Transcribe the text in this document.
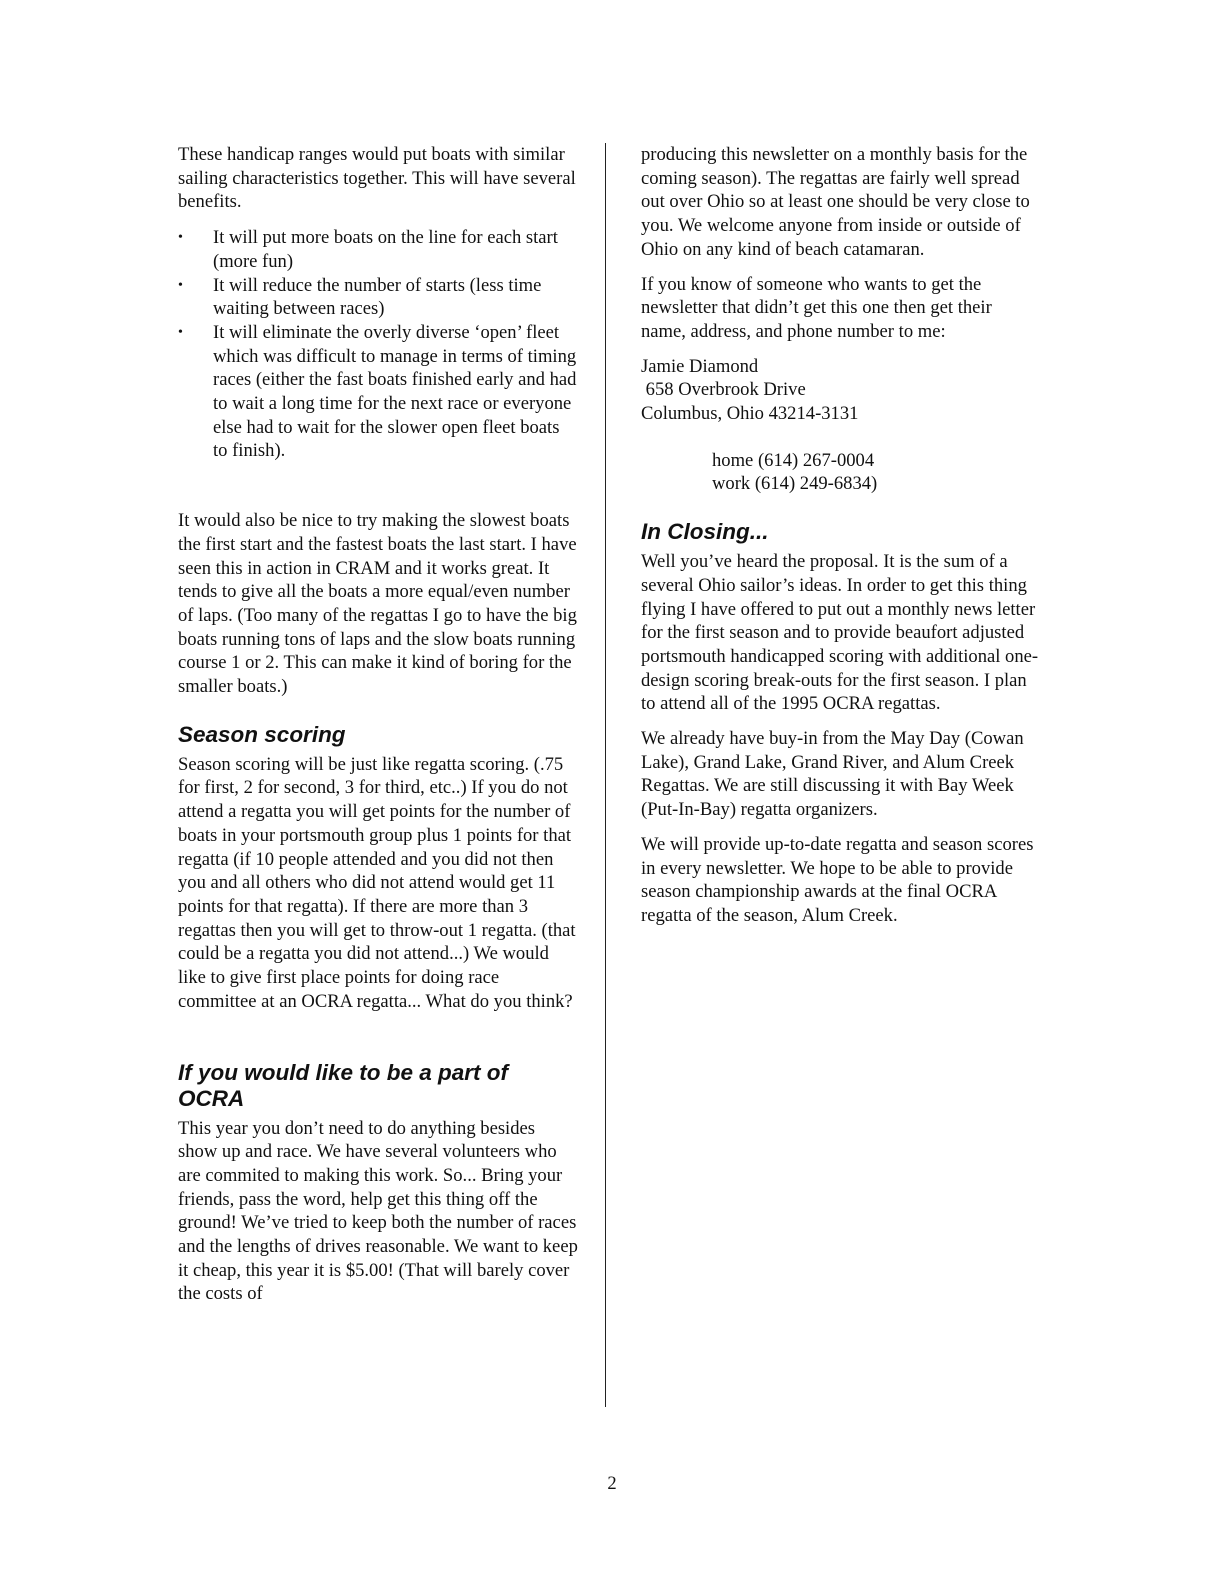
These handicap ranges would put boats with similar sailing characteristics together. This will have several benefits.

•	It will put more boats on the line for each start (more fun)
•	It will reduce the number of starts (less time waiting between races)
•	It will eliminate the overly diverse ‘open’ fleet which was difficult to manage in terms of timing races (either the fast boats finished early and had to wait a long time for the next race or everyone else had to wait for the slower open fleet boats to finish).

It would also be nice to try making the slowest boats the first start and the fastest boats the last start. I have seen this in action in CRAM and it works great. It tends to give all the boats a more equal/even number of laps. (Too many of the regattas I go to have the big boats running tons of laps and the slow boats running course 1 or 2. This can make it kind of boring for the smaller boats.)

Season scoring

Season scoring will be just like regatta scoring. (.75 for first, 2 for second, 3 for third, etc..) If you do not attend a regatta you will get points for the number of boats in your portsmouth group plus 1 points for that regatta (if 10 people attended and you did not then you and all others who did not attend would get 11 points for that regatta). If there are more than 3 regattas then you will get to throw-out 1 regatta. (that could be a regatta you did not attend...) We would like to give first place points for doing race committee at an OCRA regatta... What do you think?

If you would like to be a part of OCRA

This year you don’t need to do anything besides show up and race. We have several volunteers who are commited to making this work. So... Bring your friends, pass the word, help get this thing off the ground! We’ve tried to keep both the number of races and the lengths of drives reasonable. We want to keep it cheap, this year it is $5.00! (That will barely cover the costs of

producing this newsletter on a monthly basis for the coming season). The regattas are fairly well spread out over Ohio so at least one should be very close to you. We welcome anyone from inside or outside of Ohio on any kind of beach catamaran.

If you know of someone who wants to get the newsletter that didn’t get this one then get their name, address, and phone number to me:

Jamie Diamond
658 Overbrook Drive
Columbus, Ohio 43214-3131
home (614) 267-0004
work (614) 249-6834)
In Closing...

Well you’ve heard the proposal. It is the sum of a several Ohio sailor’s ideas. In order to get this thing flying I have offered to put out a monthly news letter for the first season and to provide beaufort adjusted portsmouth handicapped scoring with additional one-design scoring break-outs for the first season. I plan to attend all of the 1995 OCRA regattas.

We already have buy-in from the May Day (Cowan Lake), Grand Lake, Grand River, and Alum Creek Regattas. We are still discussing it with Bay Week (Put-In-Bay) regatta organizers.

We will provide up-to-date regatta and season scores in every newsletter. We hope to be able to provide season championship awards at the final OCRA regatta of the season, Alum Creek.

2
